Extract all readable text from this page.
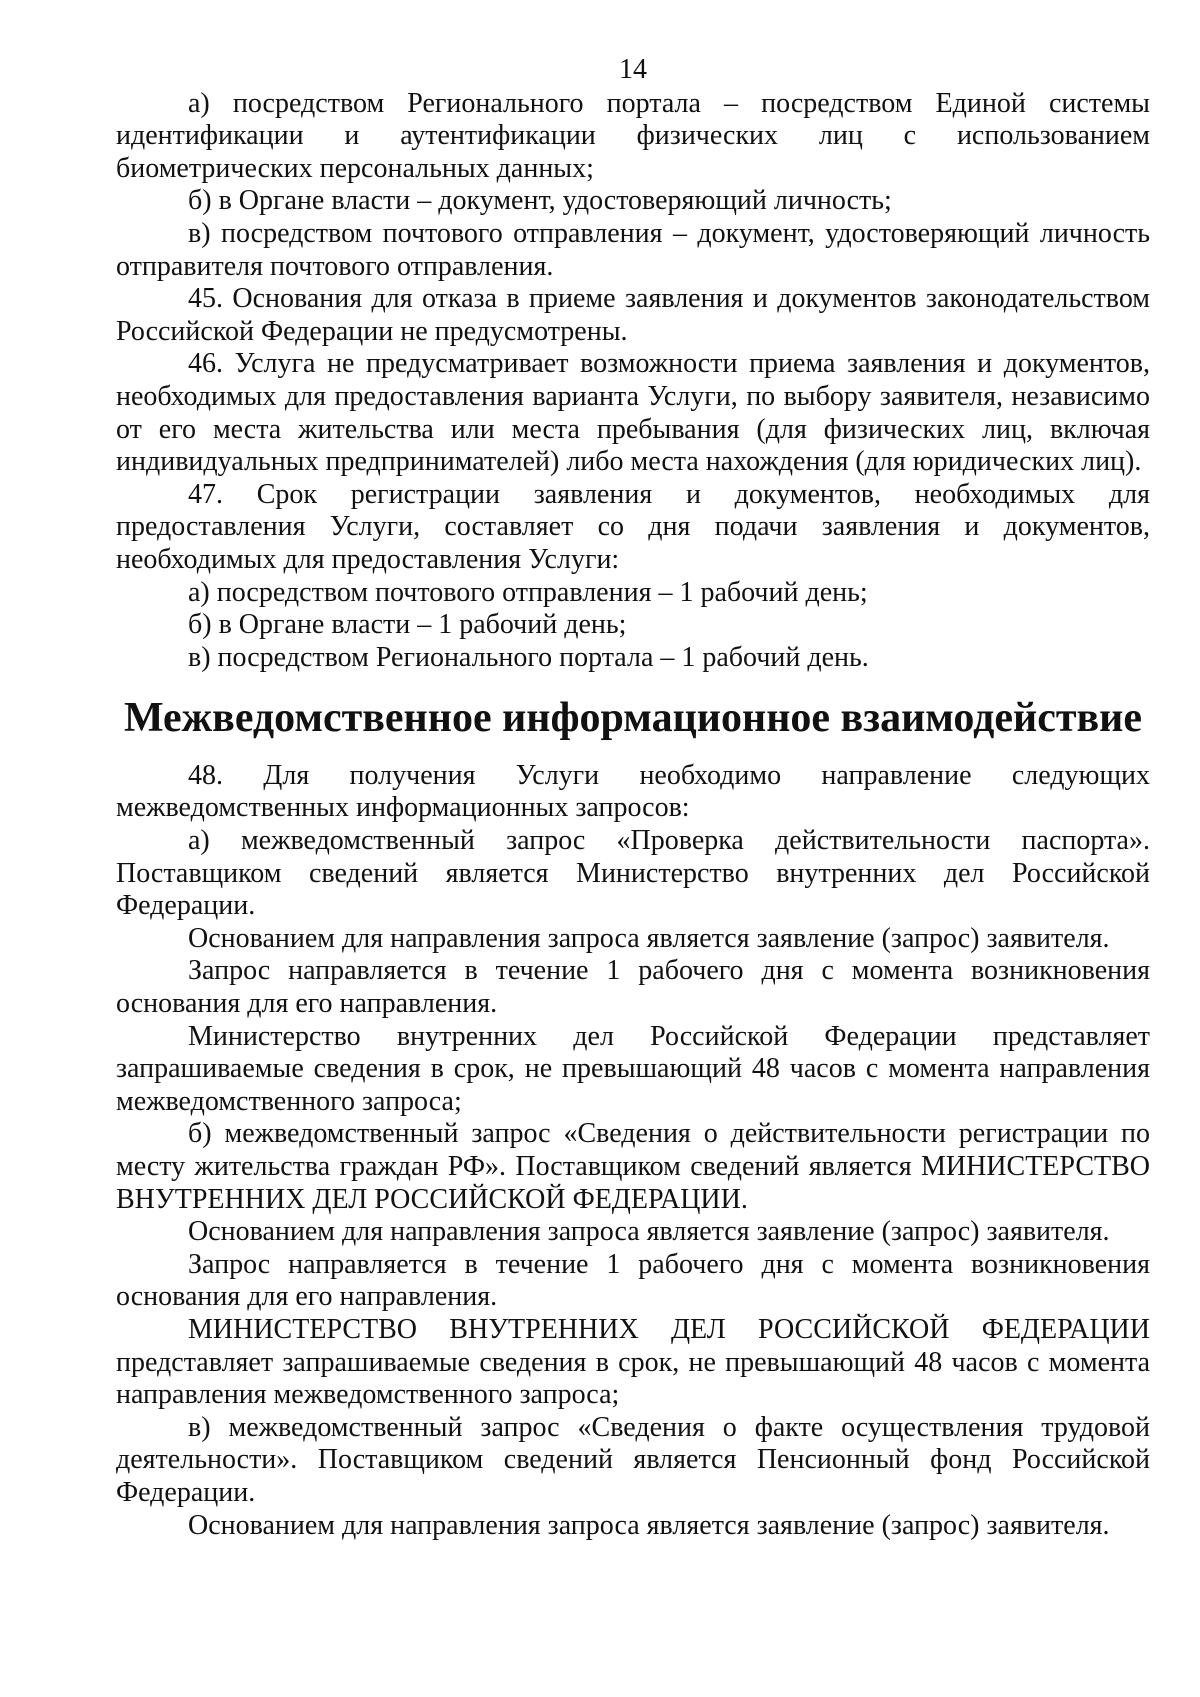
14

а) посредством Регионального портала – посредством Единой системы идентификации и аутентификации физических лиц с использованием биометрических персональных данных;

б) в Органе власти – документ, удостоверяющий личность;

в) посредством почтового отправления – документ, удостоверяющий личность отправителя почтового отправления.

45. Основания для отказа в приеме заявления и документов законодательством Российской Федерации не предусмотрены.

46. Услуга не предусматривает возможности приема заявления и документов, необходимых для предоставления варианта Услуги, по выбору заявителя, независимо от его места жительства или места пребывания (для физических лиц, включая индивидуальных предпринимателей) либо места нахождения (для юридических лиц).

47. Срок регистрации заявления и документов, необходимых для предоставления Услуги, составляет со дня подачи заявления и документов, необходимых для предоставления Услуги:

а) посредством почтового отправления – 1 рабочий день;

б) в Органе власти – 1 рабочий день;

в) посредством Регионального портала – 1 рабочий день.

Межведомственное информационное взаимодействие

48. Для получения Услуги необходимо направление следующих межведомственных информационных запросов:

а) межведомственный запрос «Проверка действительности паспорта». Поставщиком сведений является Министерство внутренних дел Российской Федерации.

Основанием для направления запроса является заявление (запрос) заявителя.

Запрос направляется в течение 1 рабочего дня с момента возникновения основания для его направления.

Министерство внутренних дел Российской Федерации представляет запрашиваемые сведения в срок, не превышающий 48 часов с момента направления межведомственного запроса;

б) межведомственный запрос «Сведения о действительности регистрации по месту жительства граждан РФ». Поставщиком сведений является МИНИСТЕРСТВО ВНУТРЕННИХ ДЕЛ РОССИЙСКОЙ ФЕДЕРАЦИИ.

Основанием для направления запроса является заявление (запрос) заявителя.

Запрос направляется в течение 1 рабочего дня с момента возникновения основания для его направления.

МИНИСТЕРСТВО ВНУТРЕННИХ ДЕЛ РОССИЙСКОЙ ФЕДЕРАЦИИ представляет запрашиваемые сведения в срок, не превышающий 48 часов с момента направления межведомственного запроса;

в) межведомственный запрос «Сведения о факте осуществления трудовой деятельности». Поставщиком сведений является Пенсионный фонд Российской Федерации.

Основанием для направления запроса является заявление (запрос) заявителя.
